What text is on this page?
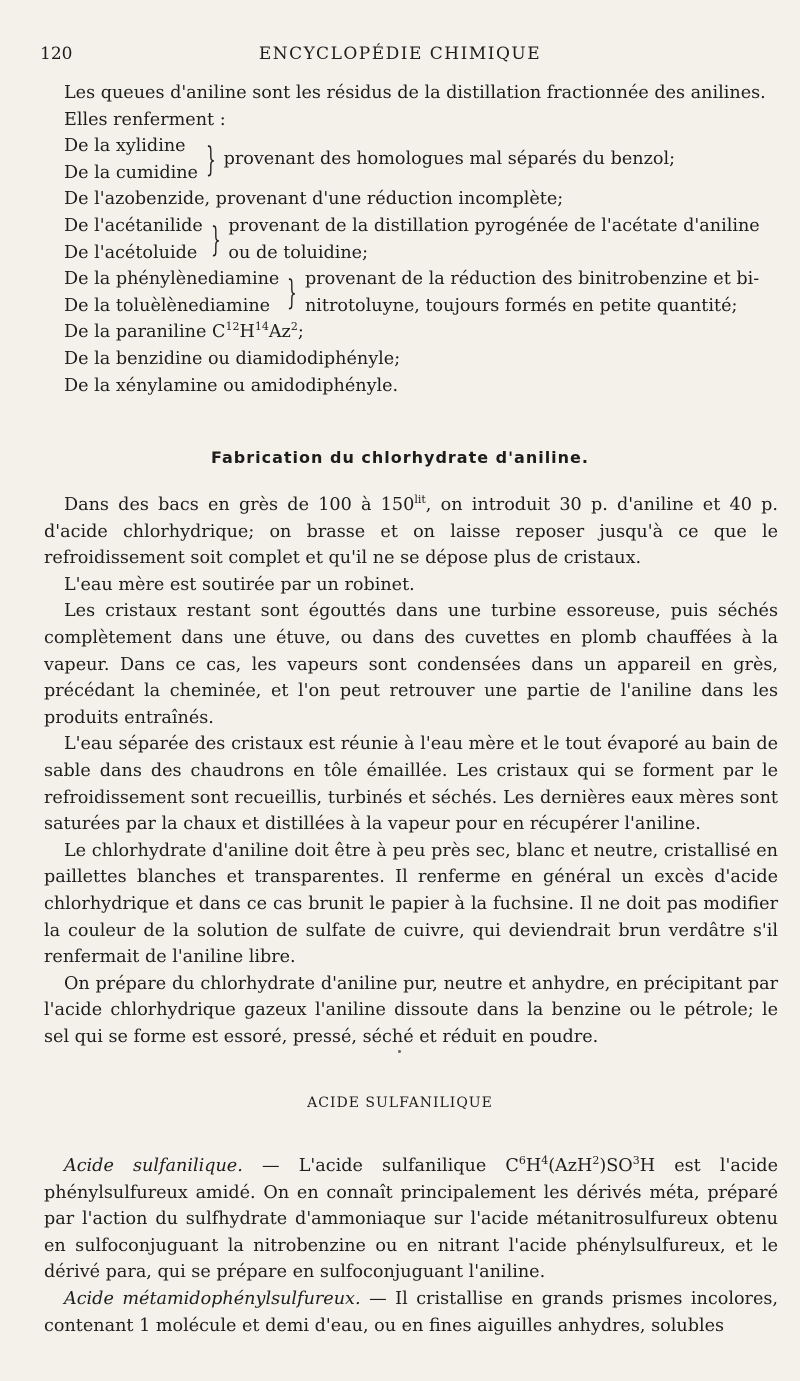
120	ENCYCLOPÉDIE CHIMIQUE

Les queues d'aniline sont les résidus de la distillation fractionnée des anilines.

Elles renferment :

De la xylidine
De la cumidine } provenant des homologues mal séparés du benzol;

De l'azobenzide, provenant d'une réduction incomplète;

De l'acétanilide
De l'acétoluide } provenant de la distillation pyrogénée de l'acétate d'aniline
ou de toluidine;
De la phénylènediamine
De la toluèlènediamine } provenant de la réduction des binitrobenzine et bi-
nitrotoluyne, toujours formés en petite quantité;

De la paraniline $C^{12}H^{14}Az^2$;

De la benzidine ou diamidodiphényle;

De la xénylamine ou amidodiphényle.

Fabrication du chlorhydrate d'aniline.

Dans des bacs en grès de 100 à $150^{lit}$, on introduit 30 p. d'aniline et 40 p. d'acide chlorhydrique; on brasse et on laisse reposer jusqu'à ce que le refroidissement soit complet et qu'il ne se dépose plus de cristaux.

L'eau mère est soutirée par un robinet.

Les cristaux restant sont égouttés dans une turbine essoreuse, puis séchés complètement dans une étuve, ou dans des cuvettes en plomb chauffées à la vapeur. Dans ce cas, les vapeurs sont condensées dans un appareil en grès, précédant la cheminée, et l'on peut retrouver une partie de l'aniline dans les produits entraînés.

L'eau séparée des cristaux est réunie à l'eau mère et le tout évaporé au bain de sable dans des chaudrons en tôle émaillée. Les cristaux qui se forment par le refroidissement sont recueillis, turbinés et séchés. Les dernières eaux mères sont saturées par la chaux et distillées à la vapeur pour en récupérer l'aniline.

Le chlorhydrate d'aniline doit être à peu près sec, blanc et neutre, cristallisé en paillettes blanches et transparentes. Il renferme en général un excès d'acide chlorhydrique et dans ce cas brunit le papier à la fuchsine. Il ne doit pas modifier la couleur de la solution de sulfate de cuivre, qui deviendrait brun verdâtre s'il renfermait de l'aniline libre.

On prépare du chlorhydrate d'aniline pur, neutre et anhydre, en précipitant par l'acide chlorhydrique gazeux l'aniline dissoute dans la benzine ou le pétrole; le sel qui se forme est essoré, pressé, séché et réduit en poudre.

ACIDE SULFANILIQUE

Acide sulfanilique. — L'acide sulfanilique $C^6H^4(AzH^2)SO^3H$ est l'acide phénylsulfureux amidé. On en connaît principalement les dérivés méta, préparé par l'action du sulfhydrate d'ammoniaque sur l'acide métanitrosulfureux obtenu en sulfoconjuguant la nitrobenzine ou en nitrant l'acide phénylsulfureux, et le dérivé para, qui se prépare en sulfoconjuguant l'aniline.

Acide métamidophénylsulfureux. — Il cristallise en grands prismes incolores, contenant 1 molécule et demi d'eau, ou en fines aiguilles anhydres, solubles
